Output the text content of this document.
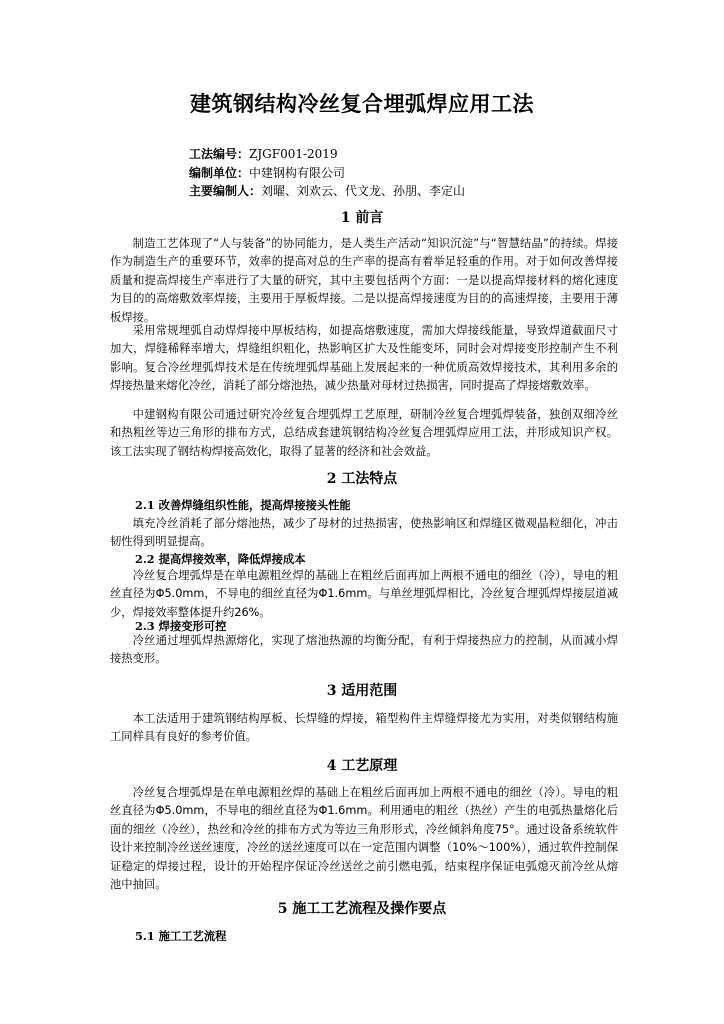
建筑钢结构冷丝复合埋弧焊应用工法
工法编号：ZJGF001-2019
编制单位：中建钢构有限公司
主要编制人：刘曜、刘欢云、代文龙、孙朋、李定山
1 前言

制造工艺体现了“人与装备”的协同能力，是人类生产活动“知识沉淀”与“智慧结晶”的持续。焊接作为制造生产的重要环节，效率的提高对总的生产率的提高有着举足轻重的作用。对于如何改善焊接质量和提高焊接生产率进行了大量的研究，其中主要包括两个方面：一是以提高焊接材料的熔化速度为目的的高熔敷效率焊接，主要用于厚板焊接。二是以提高焊接速度为目的的高速焊接，主要用于薄板焊接。

采用常规埋弧自动焊焊接中厚板结构，如提高熔敷速度，需加大焊接线能量，导致焊道截面尺寸加大，焊缝稀释率增大，焊缝组织粗化，热影响区扩大及性能变坏，同时会对焊接变形控制产生不利影响。复合冷丝埋弧焊技术是在传统埋弧焊基础上发展起来的一种优质高效焊接技术，其利用多余的焊接热量来熔化冷丝，消耗了部分熔池热，减少热量对母材过热损害，同时提高了焊接熔敷效率。

中建钢构有限公司通过研究冷丝复合埋弧焊工艺原理，研制冷丝复合埋弧焊装备，独创双细冷丝和热粗丝等边三角形的排布方式，总结成套建筑钢结构冷丝复合埋弧焊应用工法，并形成知识产权。该工法实现了钢结构焊接高效化，取得了显著的经济和社会效益。

2 工法特点

2.1 改善焊缝组织性能，提高焊接接头性能

填充冷丝消耗了部分熔池热，减少了母材的过热损害，使热影响区和焊缝区微观晶粒细化，冲击韧性得到明显提高。

2.2 提高焊接效率，降低焊接成本

冷丝复合埋弧焊是在单电源粗丝焊的基础上在粗丝后面再加上两根不通电的细丝（冷），导电的粗丝直径为Φ5.0mm，不导电的细丝直径为Φ1.6mm。与单丝埋弧焊相比，冷丝复合埋弧焊焊接层道减少，焊接效率整体提升约26%。

2.3 焊接变形可控

冷丝通过埋弧焊热源熔化，实现了熔池热源的均衡分配，有利于焊接热应力的控制，从而减小焊接热变形。

3 适用范围

本工法适用于建筑钢结构厚板、长焊缝的焊接，箱型构件主焊缝焊接尤为实用，对类似钢结构施工同样具有良好的参考价值。

4 工艺原理

冷丝复合埋弧焊是在单电源粗丝焊的基础上在粗丝后面再加上两根不通电的细丝（冷）。导电的粗丝直径为Φ5.0mm，不导电的细丝直径为Φ1.6mm。利用通电的粗丝（热丝）产生的电弧热量熔化后面的细丝（冷丝），热丝和冷丝的排布方式为等边三角形形式，冷丝倾斜角度75°。通过设备系统软件设计来控制冷丝送丝速度，冷丝的送丝速度可以在一定范围内调整（10%～100%），通过软件控制保证稳定的焊接过程，设计的开始程序保证冷丝送丝之前引燃电弧，结束程序保证电弧熄灭前冷丝从熔池中抽回。

5 施工工艺流程及操作要点

5.1 施工工艺流程
